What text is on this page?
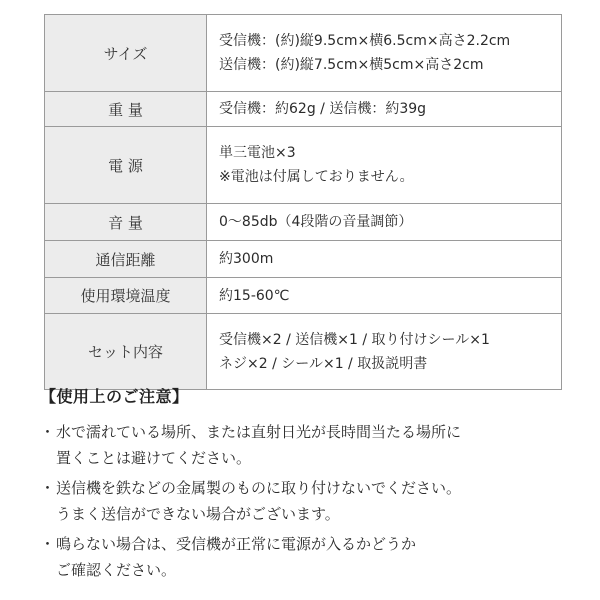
サイズ	受信機：(約)縦9.5cm×横6.5cm×高さ2.2cm
送信機：(約)縦7.5cm×横5cm×高さ2cm

重 量	受信機：約62g / 送信機：約39g

電 源	単三電池×3
※電池は付属しておりません。

音 量	0〜85db（4段階の音量調節）

通信距離	約300m

使用環境温度	約15-60℃

セット内容	受信機×2 / 送信機×1 / 取り付けシール×1
ネジ×2 / シール×1 / 取扱説明書
【使用上のご注意】
・ 水で濡れている場所、または直射日光が長時間当たる場所に
置くことは避けてください。
・ 送信機を鉄などの金属製のものに取り付けないでください。
うまく送信ができない場合がございます。
・ 鳴らない場合は、受信機が正常に電源が入るかどうか
ご確認ください。
